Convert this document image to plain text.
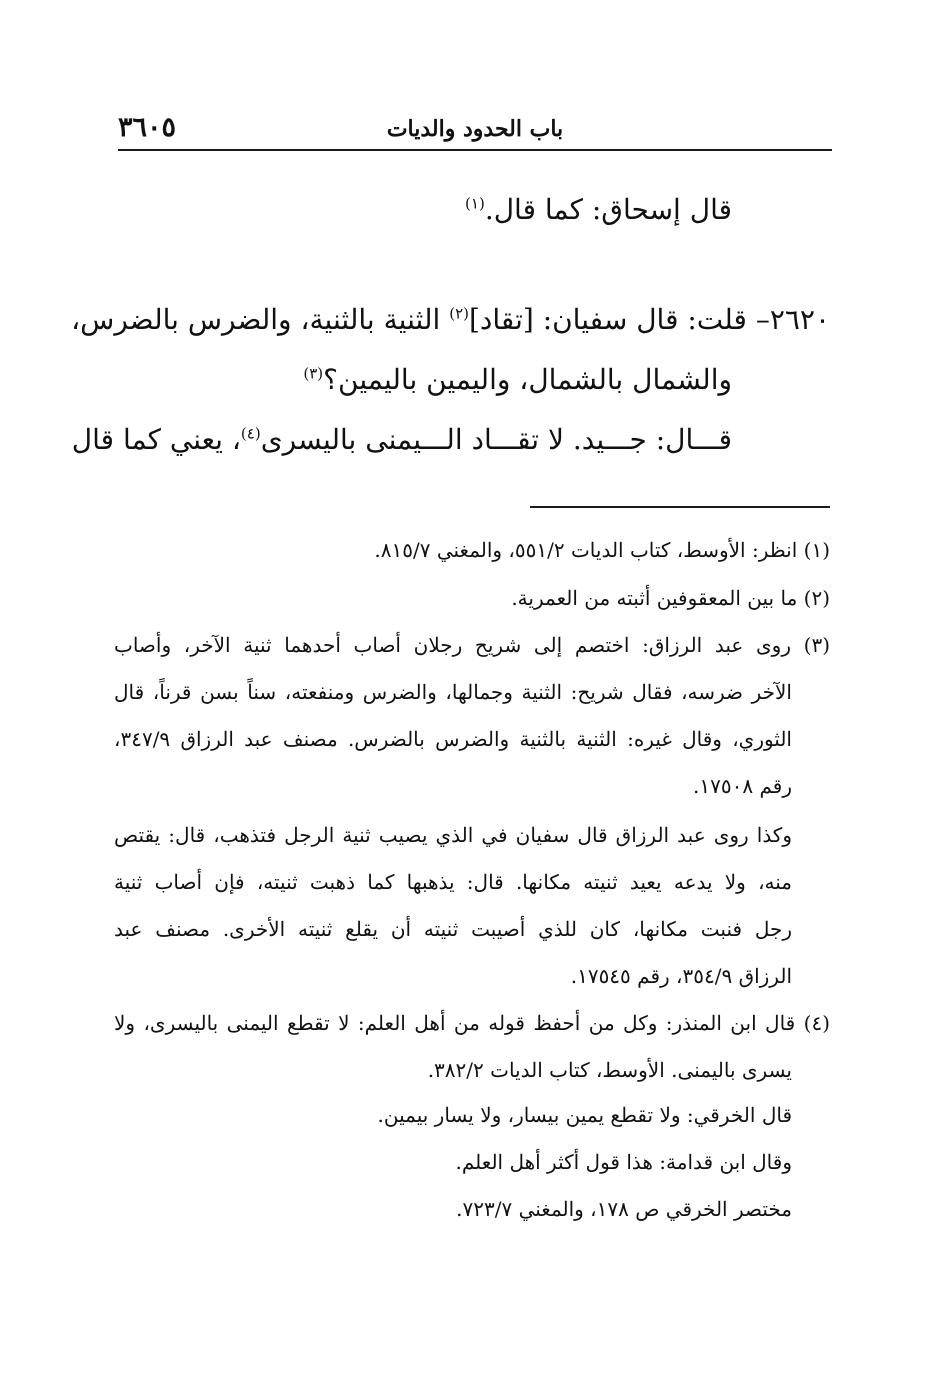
٣٦٠٥	باب الحدود والديات
قال إسحاق: كما قال.$^{(١)}$
٢٦٢٠– قلت: قال سفيان: [تقاد]$^{(٢)}$ الثنية بالثنية، والضرس بالضرس،
والشمال بالشمال، واليمين باليمين؟$^{(٣)}$
قـــال: جـــيد. لا تقـــاد الـــيمنى باليسرى$^{(٤)}$، يعني كما قال
(١) انظر: الأوسط، كتاب الديات ٥٥١/٢، والمغني ٨١٥/٧.
(٢) ما بين المعقوفين أثبته من العمرية.
(٣) روى عبد الرزاق: اختصم إلى شريح رجلان أصاب أحدهما ثنية الآخر، وأصاب
الآخر ضرسه، فقال شريح: الثنية وجمالها، والضرس ومنفعته، سناً بسن قرناً، قال
الثوري، وقال غيره: الثنية بالثنية والضرس بالضرس. مصنف عبد الرزاق ٣٤٧/٩،
رقم ١٧٥٠٨.
وكذا روى عبد الرزاق قال سفيان في الذي يصيب ثنية الرجل فتذهب، قال: يقتص
منه، ولا يدعه يعيد ثنيته مكانها. قال: يذهبها كما ذهبت ثنيته، فإن أصاب ثنية
رجل فنبت مكانها، كان للذي أصيبت ثنيته أن يقلع ثنيته الأخرى. مصنف عبد
الرزاق ٣٥٤/٩، رقم ١٧٥٤٥.
(٤) قال ابن المنذر: وكل من أحفظ قوله من أهل العلم: لا تقطع اليمنى باليسرى، ولا
يسرى باليمنى. الأوسط، كتاب الديات ٣٨٢/٢.
قال الخرقي: ولا تقطع يمين بيسار، ولا يسار بيمين.
وقال ابن قدامة: هذا قول أكثر أهل العلم.
مختصر الخرقي ص ١٧٨، والمغني ٧٢٣/٧.
